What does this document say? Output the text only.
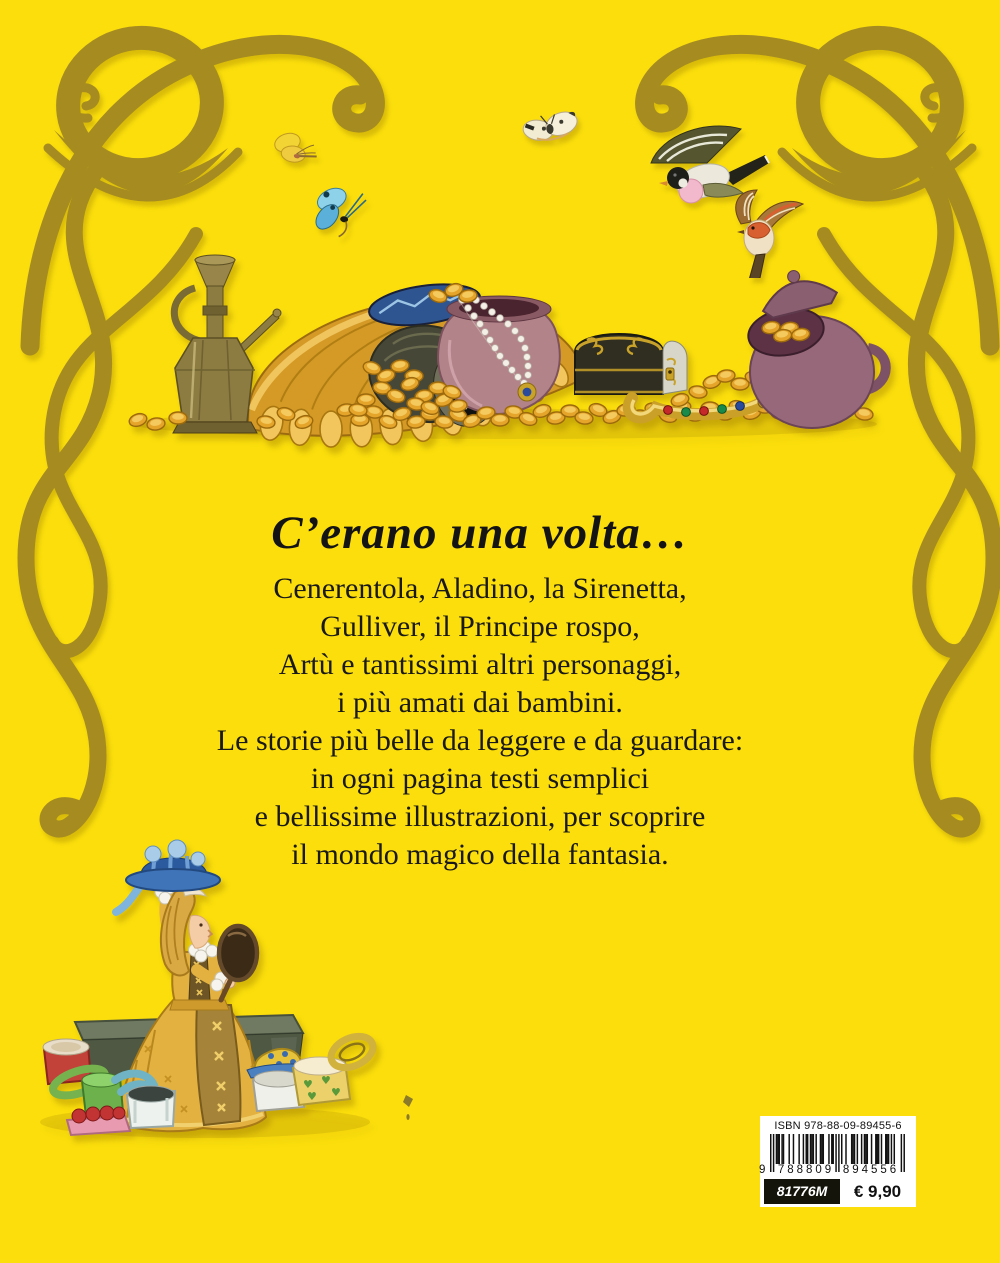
C’erano una volta…
Cenerentola, Aladino, la Sirenetta,
Gulliver, il Principe rospo,
Artù e tantissimi altri personaggi,
i più amati dai bambini.
Le storie più belle da leggere e da guardare:
in ogni pagina testi semplici
e bellissime illustrazioni, per scoprire
il mondo magico della fantasia.
♥ ♥
♥
♥
ISBN 978-88-09-89455-6
9 788809 894556
81776M	€ 9,90
